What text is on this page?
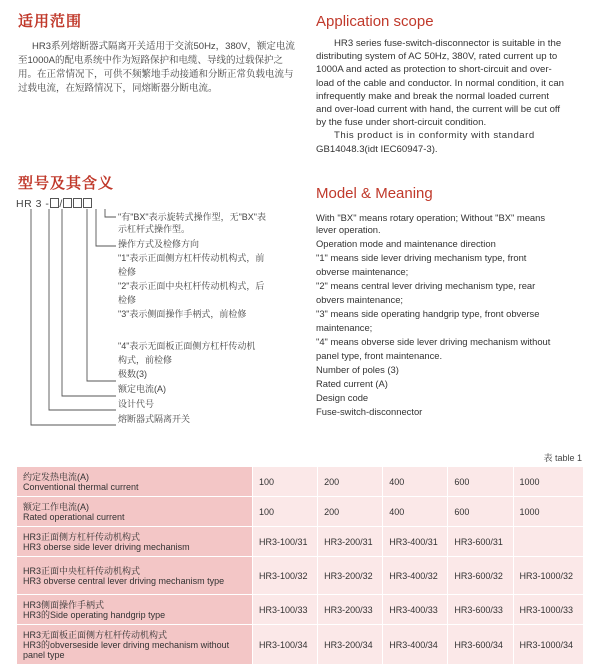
适用范围
HR3系列熔断器式隔离开关适用于交流50Hz，380V，额定电流至1000A的配电系统中作为短路保护和电缆、导线的过载保护之用。在正常情况下，可供不频繁地手动接通和分断正常负载电流与过载电流，在短路情况下，同熔断器分断电流。
Application scope
HR3 series fuse-switch-disconnector is suitable in the
distributing system of AC 50Hz, 380V, rated current up to
1000A and acted as protection to short-circuit and over-
load of the cable and conductor. In normal condition, it can
infrequently make and break the normal loaded current
and over-load current with hand, the current will be cut off
by the fuse under short-circuit condition.
This product is in conformity with standard
GB14048.3(idt IEC60947-3).
型号及其含义
Model & Meaning
HR 3 - /
"有"BX"表示旋转式操作型，无"BX"表
示杠杆式操作型。
操作方式及检修方向
"1"表示正面侧方杠杆传动机构式，前
检修
"2"表示正面中央杠杆传动机构式，后
检修
"3"表示侧面操作手柄式，前检修
"4"表示无面板正面侧方杠杆传动机
构式，前检修
极数(3)
额定电流(A)
设计代号
熔断器式隔离开关
With "BX" means rotary operation; Without "BX" means
lever operation.
Operation mode and maintenance direction
"1" means side lever driving mechanism type, front
obverse maintenance;
"2" means central lever driving mechanism type, rear
obvers maintenance;
"3" means side operating handgrip type, front obverse
maintenance;
"4" means obverse side lever driving mechanism without
panel type, front maintenance.
Number of poles (3)
Rated current (A)
Design code
Fuse-switch-disconnector
表 table 1
约定发热电流(A)
Conventional thermal current	100	200	400	600	1000

额定工作电流(A)
Rated operational current	100	200	400	600	1000

HR3正面侧方杠杆传动机构式
HR3 oberse side lever driving mechanism	HR3-100/31	HR3-200/31	HR3-400/31	HR3-600/31	

HR3正面中央杠杆传动机构式
HR3 obverse central lever driving mechanism type	HR3-100/32	HR3-200/32	HR3-400/32	HR3-600/32	HR3-1000/32

HR3侧面操作手柄式
HR3的Side operating handgrip type	HR3-100/33	HR3-200/33	HR3-400/33	HR3-600/33	HR3-1000/33

HR3无面板正面侧方杠杆传动机构式
HR3的obverseside lever driving mechanism without panel type	HR3-100/34	HR3-200/34	HR3-400/34	HR3-600/34	HR3-1000/34
